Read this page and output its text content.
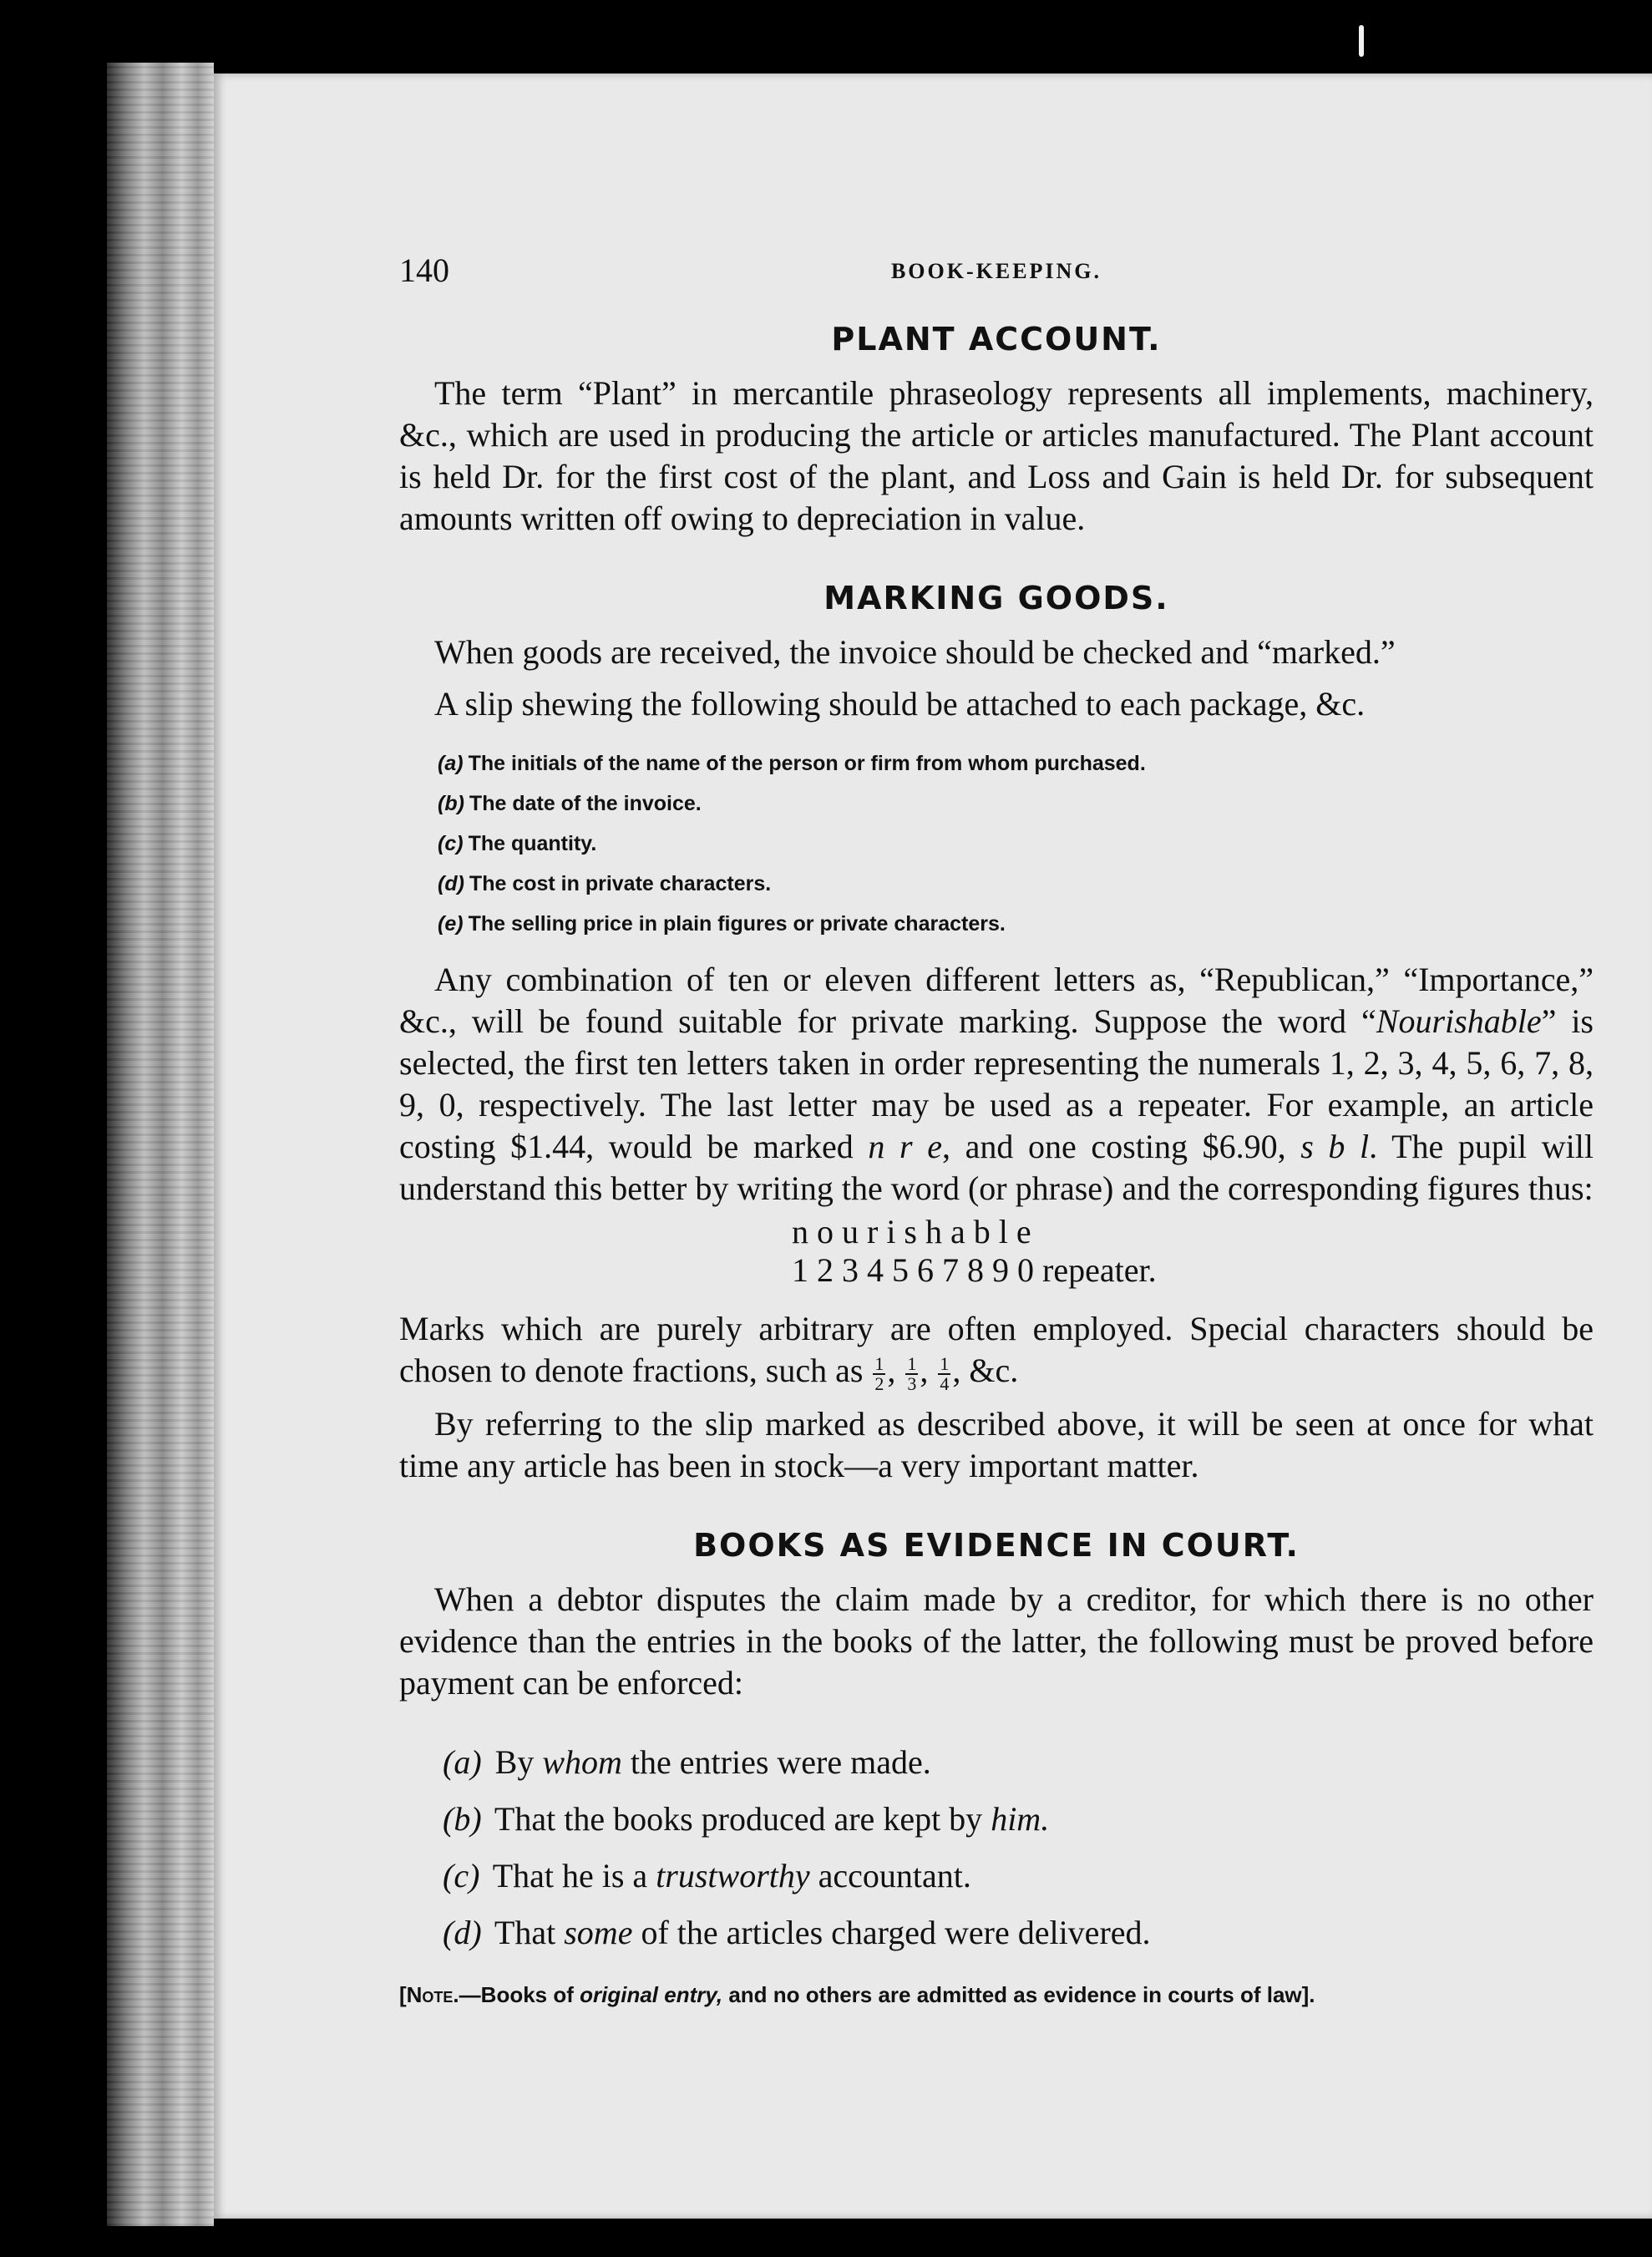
140	BOOK-KEEPING.
PLANT ACCOUNT.

The term “Plant” in mercantile phraseology represents all implements, machinery, &c., which are used in producing the article or articles manufactured. The Plant account is held Dr. for the first cost of the plant, and Loss and Gain is held Dr. for subsequent amounts written off owing to depreciation in value.

MARKING GOODS.

When goods are received, the invoice should be checked and “marked.”

A slip shewing the following should be attached to each package, &c.

(a) The initials of the name of the person or firm from whom purchased.
(b) The date of the invoice.
(c) The quantity.
(d) The cost in private characters.
(e) The selling price in plain figures or private characters.

Any combination of ten or eleven different letters as, “Republican,” “Importance,” &c., will be found suitable for private marking. Suppose the word “Nourishable” is selected, the first ten letters taken in order representing the numerals 1, 2, 3, 4, 5, 6, 7, 8, 9, 0, respectively. The last letter may be used as a repeater. For example, an article costing $1.44, would be marked n r e, and one costing $6.90, s b l. The pupil will understand this better by writing the word (or phrase) and the corresponding figures thus:

n o u r i s h a b l e
1 2 3 4 5 6 7 8 9 0 repeater.

Marks which are purely arbitrary are often employed. Special characters should be chosen to denote fractions, such as $\frac{1}{2}$ , $\frac{1}{3}$ , $\frac{1}{4}$ , &c.

By referring to the slip marked as described above, it will be seen at once for what time any article has been in stock—a very important matter.

BOOKS AS EVIDENCE IN COURT.

When a debtor disputes the claim made by a creditor, for which there is no other evidence than the entries in the books of the latter, the following must be proved before payment can be enforced:

(a) By whom the entries were made.
(b) That the books produced are kept by him.
(c) That he is a trustworthy accountant.
(d) That some of the articles charged were delivered.
[Note.—Books of original entry, and no others are admitted as evidence in courts of law].
